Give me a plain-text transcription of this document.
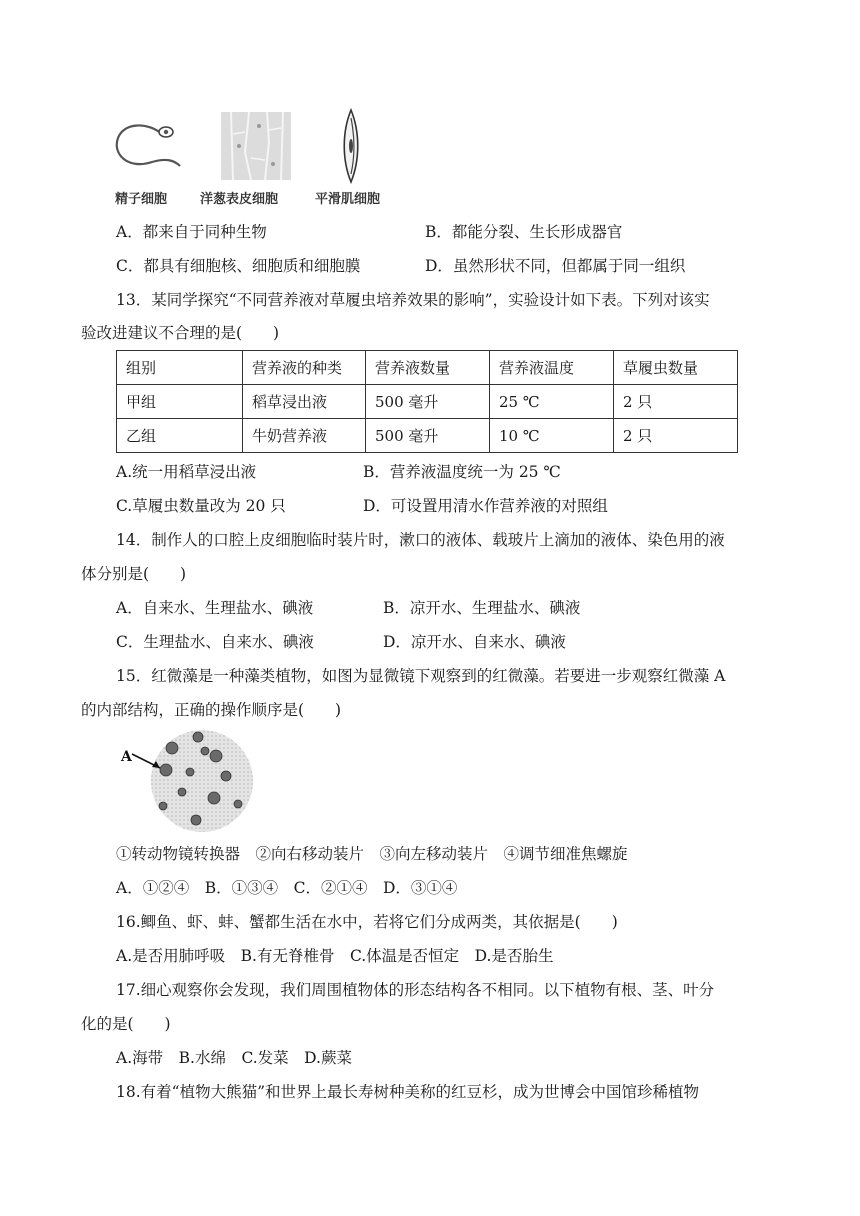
精子细胞	洋葱表皮细胞	平滑肌细胞
A．都来自于同种生物	B．都能分裂、生长形成器官
C．都具有细胞核、细胞质和细胞膜	D．虽然形状不同，但都属于同一组织
13．某同学探究“不同营养液对草履虫培养效果的影响”，实验设计如下表。下列对该实
验改进建议不合理的是(　　)
组别	营养液的种类	营养液数量	营养液温度	草履虫数量
甲组	稻草浸出液	500 毫升	25 ℃	2 只
乙组	牛奶营养液	500 毫升	10 ℃	2 只
A.统一用稻草浸出液	B．营养液温度统一为 25 ℃
C.草履虫数量改为 20 只	D．可设置用清水作营养液的对照组
14．制作人的口腔上皮细胞临时装片时，漱口的液体、载玻片上滴加的液体、染色用的液
体分别是(　　)
A．自来水、生理盐水、碘液	B．凉开水、生理盐水、碘液
C．生理盐水、自来水、碘液	D．凉开水、自来水、碘液
15．红微藻是一种藻类植物，如图为显微镜下观察到的红微藻。若要进一步观察红微藻 A
的内部结构，正确的操作顺序是(　　)
A
①转动物镜转换器　②向右移动装片　③向左移动装片　④调节细准焦螺旋
A．①②④　B．①③④　C．②①④　D．③①④
16.鲫鱼、虾、蚌、蟹都生活在水中，若将它们分成两类，其依据是(　　)
A.是否用肺呼吸　B.有无脊椎骨　C.体温是否恒定　D.是否胎生
17.细心观察你会发现，我们周围植物体的形态结构各不相同。以下植物有根、茎、叶分
化的是(　　)
A.海带　B.水绵　C.发菜　D.蕨菜
18.有着“植物大熊猫”和世界上最长寿树种美称的红豆杉，成为世博会中国馆珍稀植物
